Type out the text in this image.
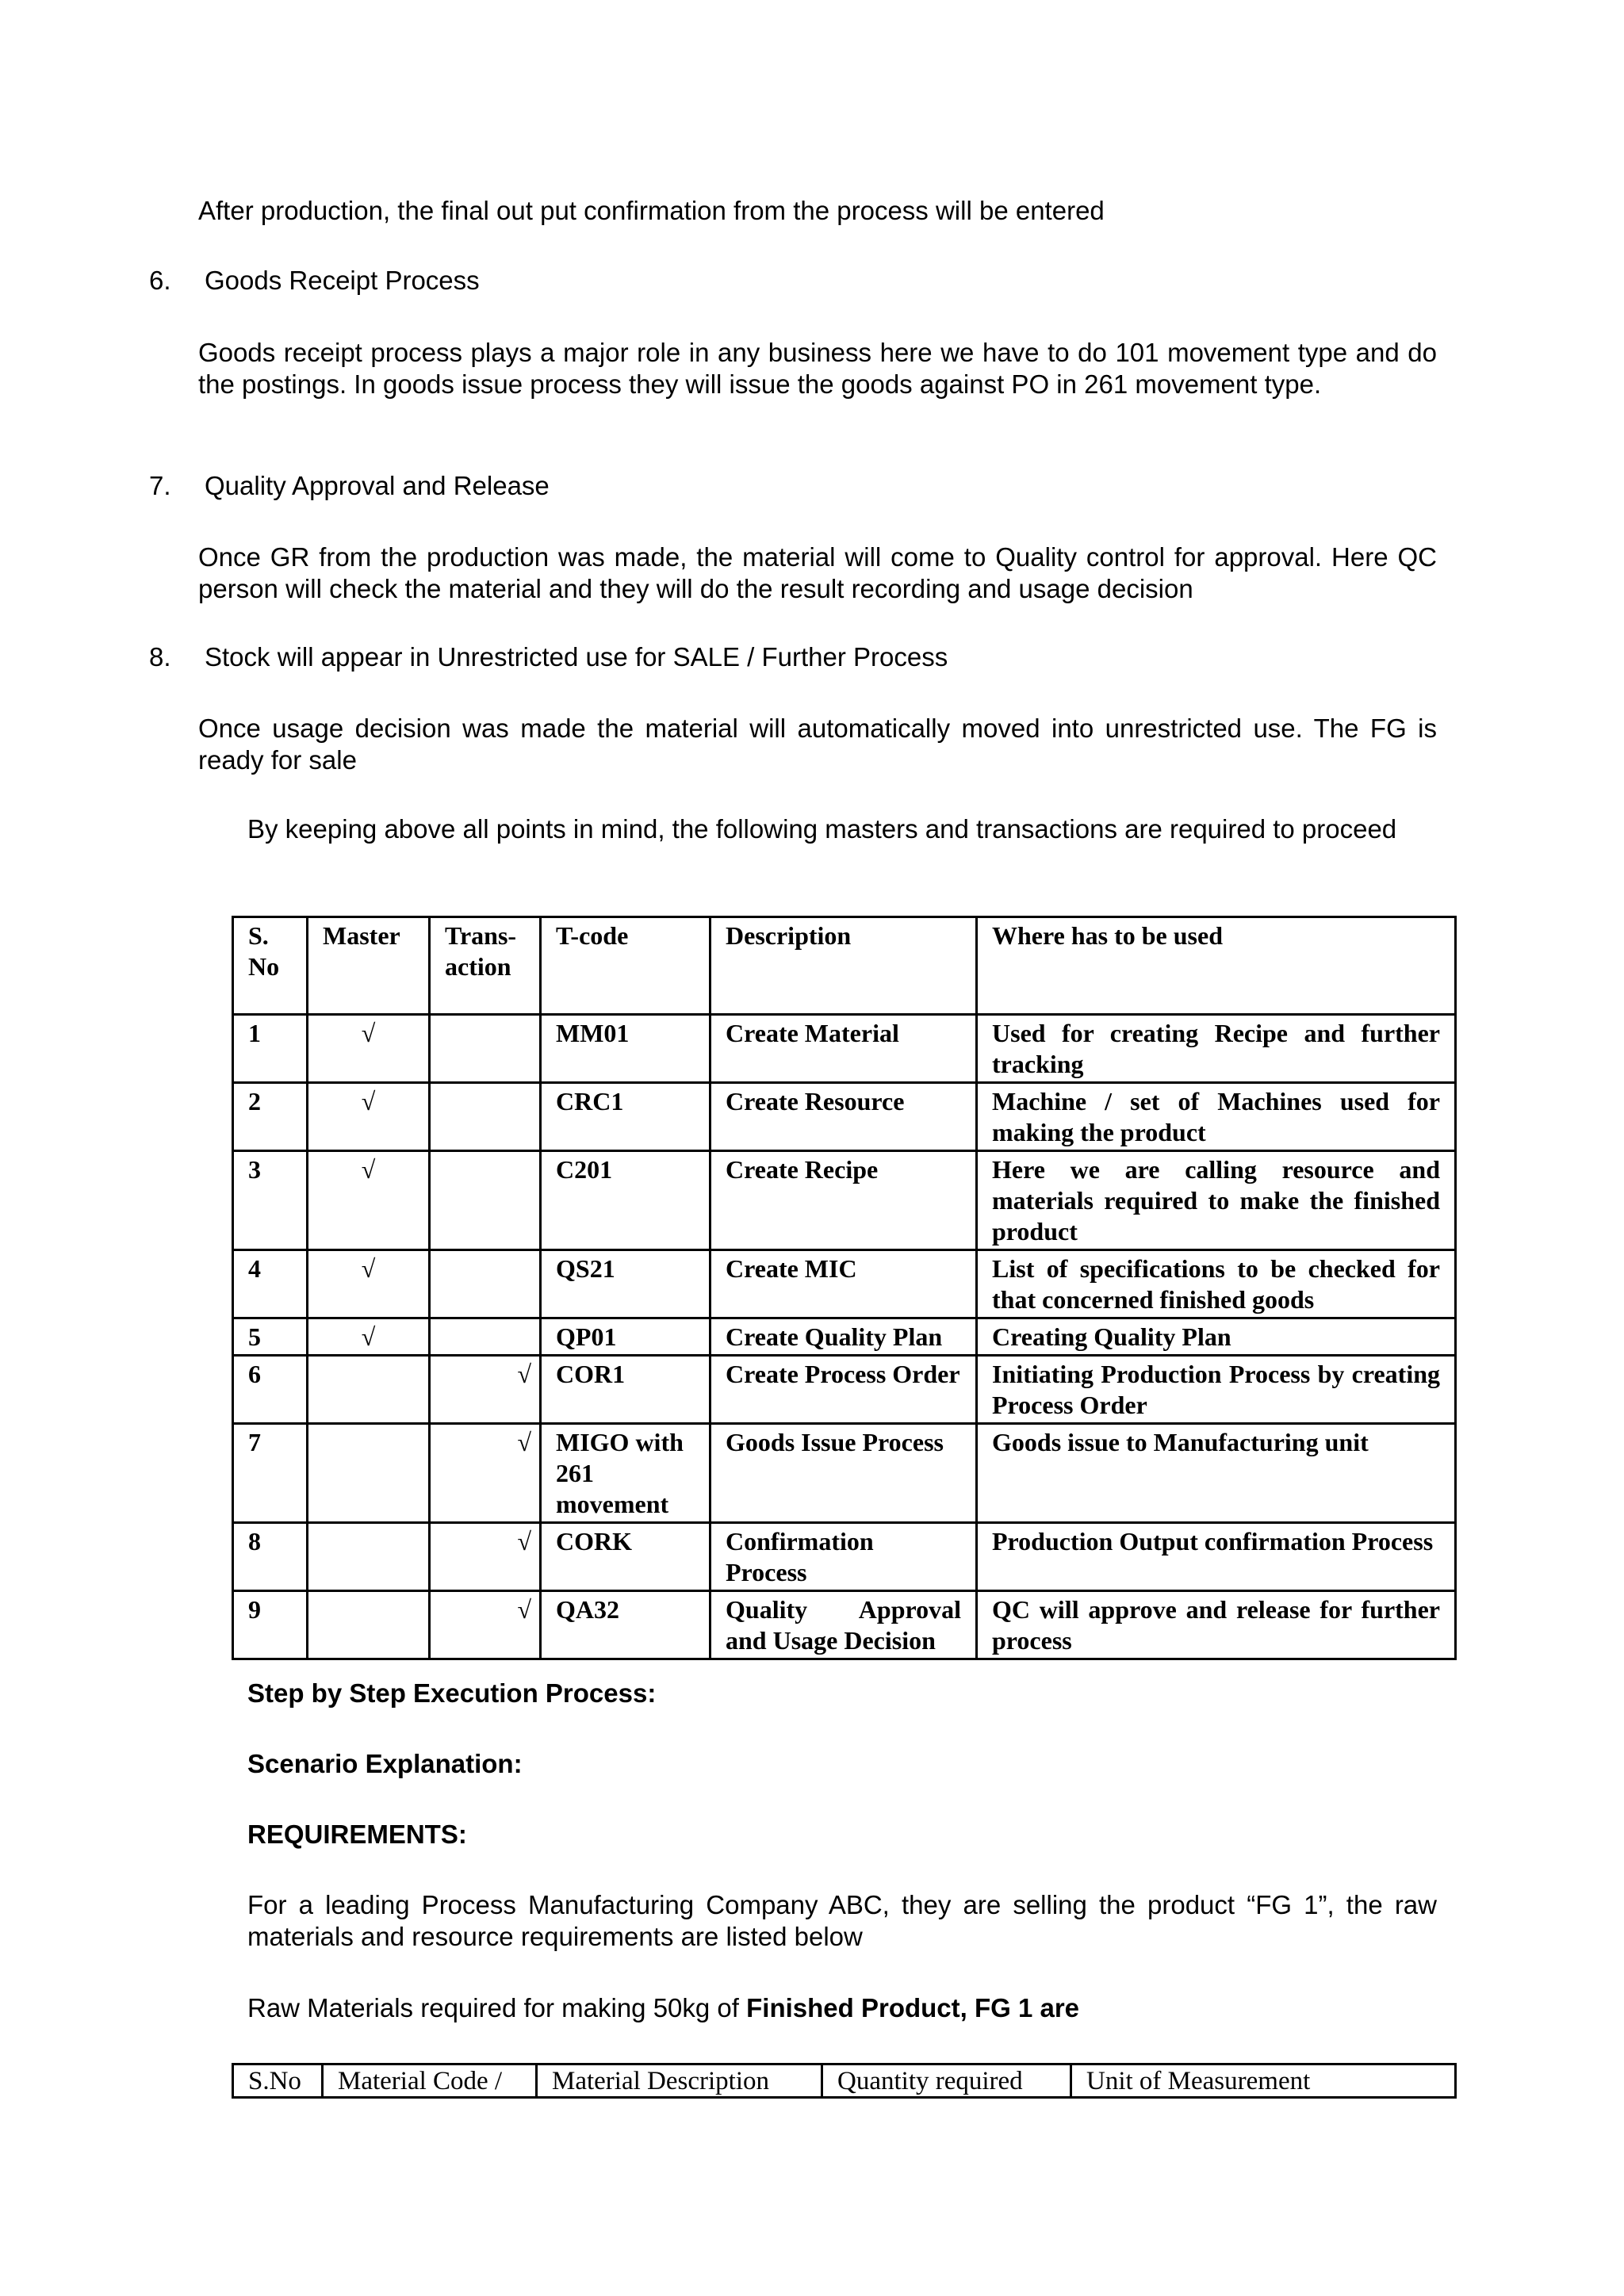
After production, the final out put confirmation from the process will be entered
6. Goods Receipt Process
Goods receipt process plays a major role in any business here we have to do 101 movement type and do the postings. In goods issue process they will issue the goods against PO in 261 movement type.
7. Quality Approval and Release
Once GR from the production was made, the material will come to Quality control for approval. Here QC person will check the material and they will do the result recording and usage decision
8. Stock will appear in Unrestricted use for SALE / Further Process
Once usage decision was made the material will automatically moved into unrestricted use. The FG is ready for sale
By keeping above all points in mind, the following masters and transactions are required to proceed
S. No	Master	Trans-action	T-code	Description	Where has to be used
1	√		MM01	Create Material	Used for creating Recipe and further tracking
2	√		CRC1	Create Resource	Machine / set of Machines used for making the product
3	√		C201	Create Recipe	Here we are calling resource and materials required to make the finished product
4	√		QS21	Create MIC	List of specifications to be checked for that concerned finished goods
5	√		QP01	Create Quality Plan	Creating Quality Plan
6		√	COR1	Create Process Order	Initiating Production Process by creating Process Order
7		√	MIGO with 261 movement	Goods Issue Process	Goods issue to Manufacturing unit
8		√	CORK	Confirmation Process	Production Output confirmation Process
9		√	QA32	Quality Approval and Usage Decision	QC will approve and release for further process
Step by Step Execution Process:
Scenario Explanation:
REQUIREMENTS:
For a leading Process Manufacturing Company ABC, they are selling the product “FG 1”, the raw materials and resource requirements are listed below
Raw Materials required for making 50kg of Finished Product, FG 1 are
S.No	Material Code /	Material Description	Quantity required	Unit of Measurement
